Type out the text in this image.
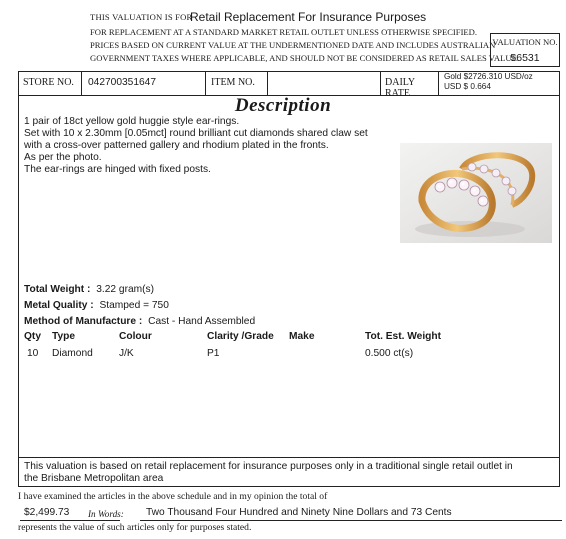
THIS VALUATION IS FOR
Retail Replacement For Insurance Purposes
FOR REPLACEMENT AT A STANDARD MARKET RETAIL OUTLET UNLESS OTHERWISE SPECIFIED.
PRICES BASED ON CURRENT VALUE AT THE UNDERMENTIONED DATE AND INCLUDES AUSTRALIAN
GOVERNMENT TAXES WHERE APPLICABLE, AND SHOULD NOT BE CONSIDERED AS RETAIL SALES VALUE.
VALUATION NO.
56531
STORE NO. 042700351647	ITEM NO.	DAILY RATE
Gold $2726.310 USD/oz
USD $ 0.664
Description
1 pair of 18ct yellow gold huggie style ear-rings.
Set with 10 x 2.30mm [0.05mct] round brilliant cut diamonds shared claw set
with a cross-over patterned gallery and rhodium plated in the fronts.
As per the photo.
The ear-rings are hinged with fixed posts.
Total Weight : 3.22 gram(s)
Metal Quality : Stamped = 750
Method of Manufacture : Cast - Hand Assembled
Qty Type	Colour	Clarity /Grade Make	Tot. Est. Weight
10 Diamond	J/K	P1	0.500 ct(s)
This valuation is based on retail replacement for insurance purposes only in a traditional single retail outlet in
the Brisbane Metropolitan area
I have examined the articles in the above schedule and in my opinion the total of
$2,499.73 In Words: Two Thousand Four Hundred and Ninety Nine Dollars and 73 Cents
represents the value of such articles only for purposes stated.
